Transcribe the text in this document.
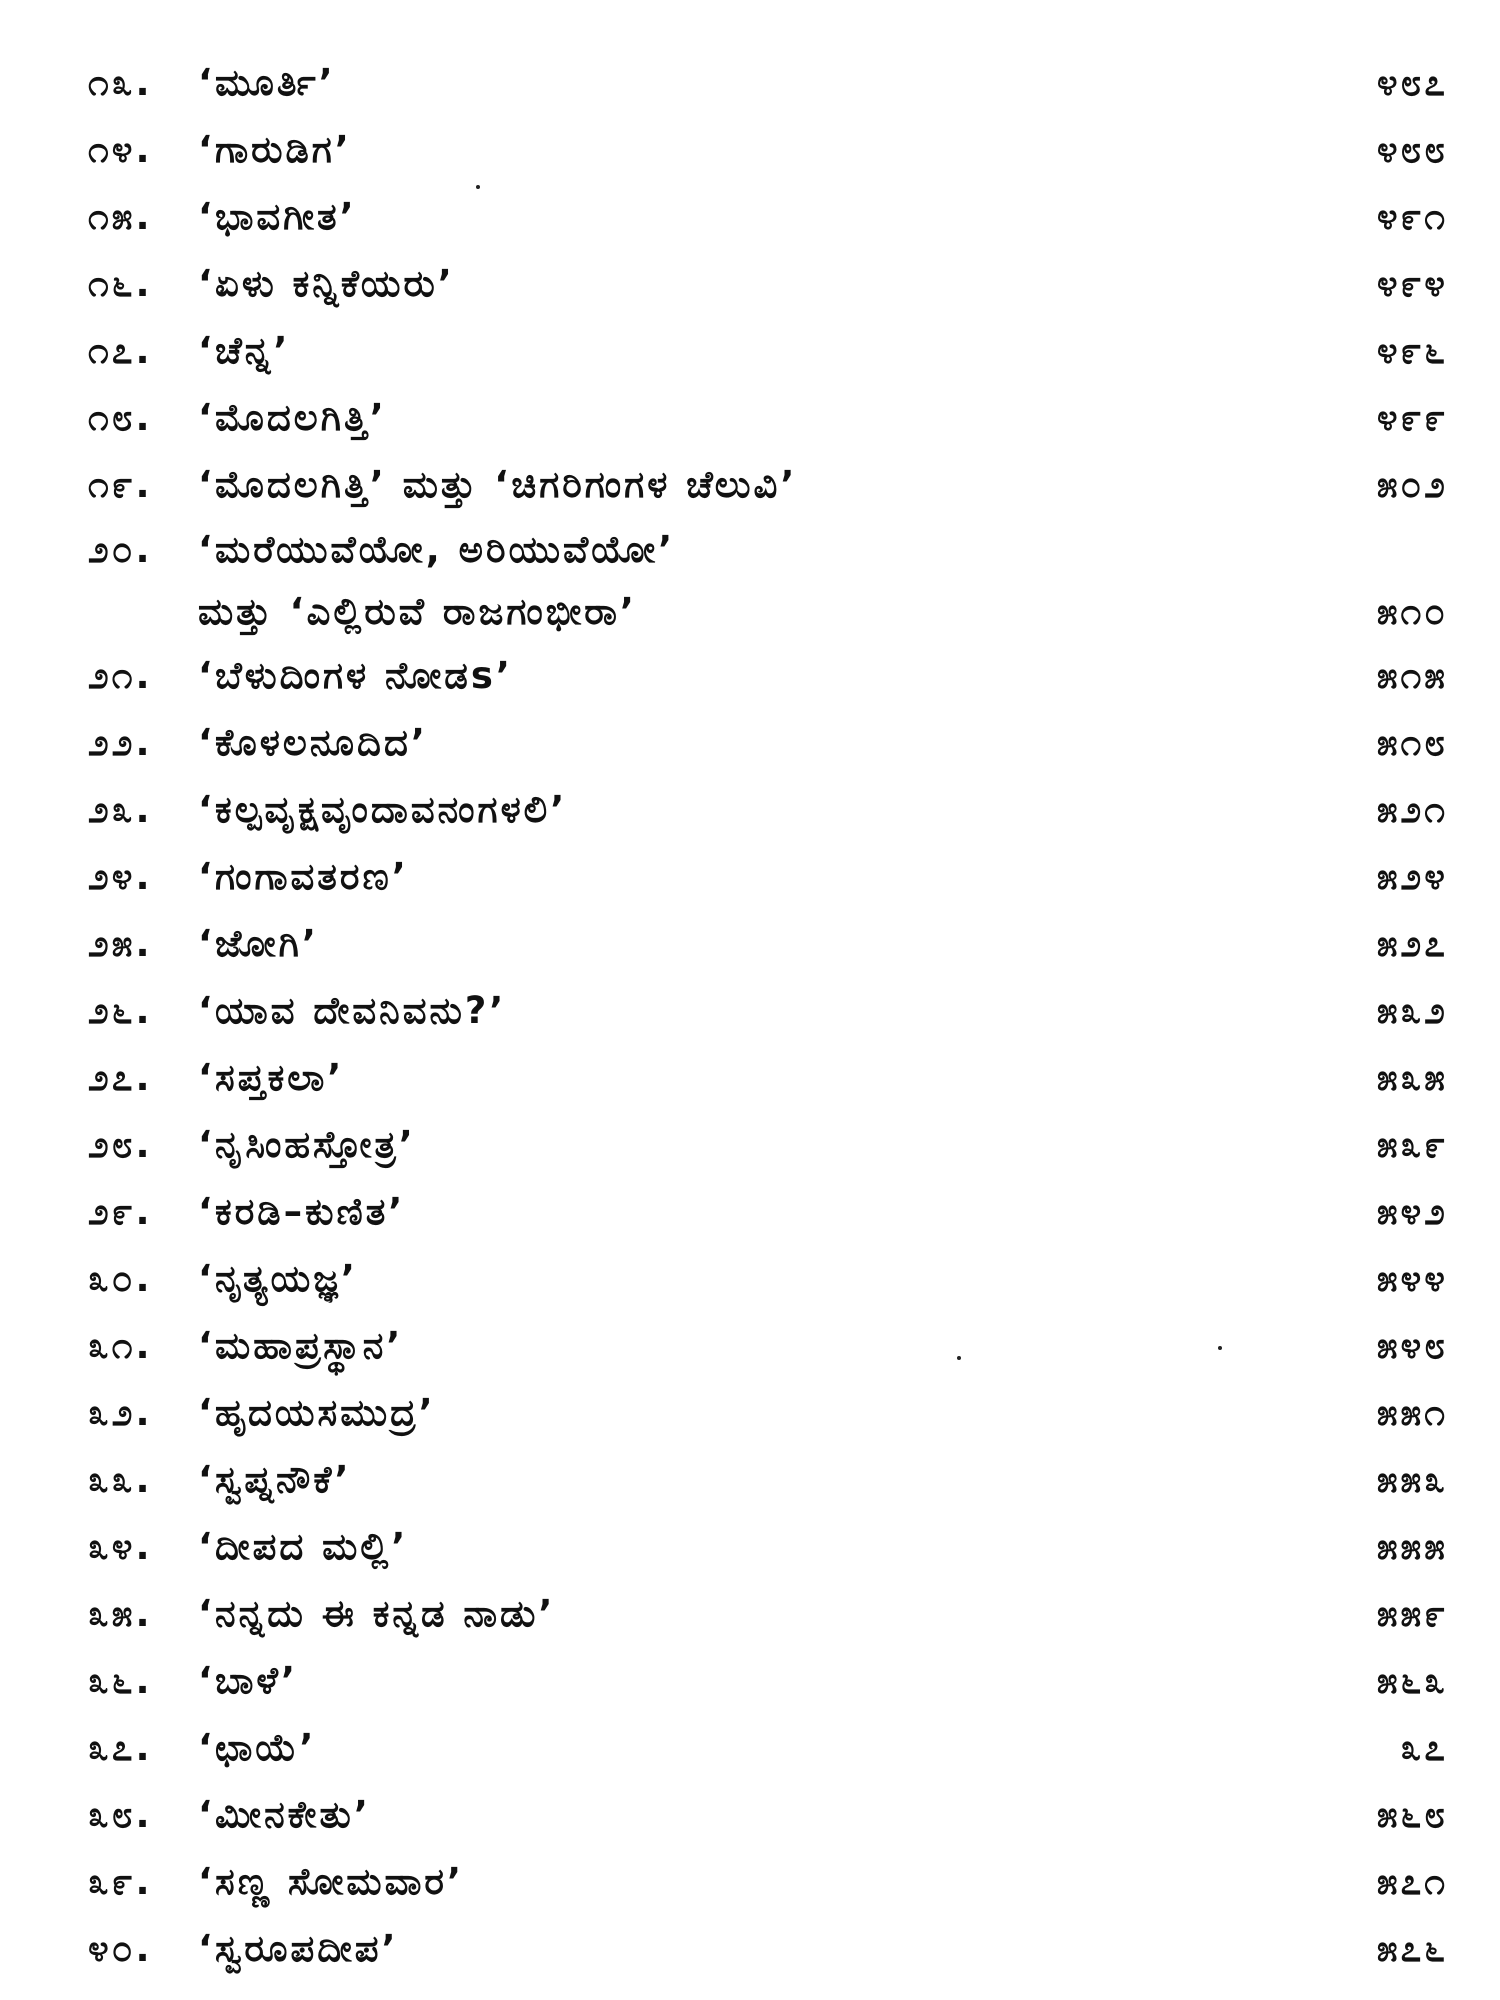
೧೩.	‘ಮೂರ್ತಿ’	೪೮೭
೧೪.	‘ಗಾರುಡಿಗ’	೪೮೮
೧೫.	‘ಭಾವಗೀತ’	೪೯೧
೧೬.	‘ಏಳು ಕನ್ನಿಕೆಯರು’	೪೯೪
೧೭.	‘ಚೆನ್ನ’	೪೯೬
೧೮.	‘ಮೊದಲಗಿತ್ತಿ’	೪೯೯
೧೯.	‘ಮೊದಲಗಿತ್ತಿ’ ಮತ್ತು ‘ಚಿಗರಿಗಂಗಳ ಚೆಲುವಿ’	೫೦೨
೨೦.	‘ಮರೆಯುವೆಯೋ, ಅರಿಯುವೆಯೋ’
ಮತ್ತು ‘ಎಲ್ಲಿರುವೆ ರಾಜಗಂಭೀರಾ’	೫೧೦
೨೧.	‘ಬೆಳುದಿಂಗಳ ನೋಡs’	೫೧೫
೨೨.	‘ಕೊಳಲನೂದಿದ’	೫೧೮
೨೩.	‘ಕಲ್ಪವೃಕ್ಷವೃಂದಾವನಂಗಳಲಿ’	೫೨೧
೨೪.	‘ಗಂಗಾವತರಣ’	೫೨೪
೨೫.	‘ಜೋಗಿ’	೫೨೭
೨೬.	‘ಯಾವ ದೇವನಿವನು?’	೫೩೨
೨೭.	‘ಸಪ್ತಕಲಾ’	೫೩೫
೨೮.	‘ನೃಸಿಂಹಸ್ತೋತ್ರ’	೫೩೯
೨೯.	‘ಕರಡಿ–ಕುಣಿತ’	೫೪೨
೩೦.	‘ನೃತ್ಯಯಜ್ಞ’	೫೪೪
೩೧.	‘ಮಹಾಪ್ರಸ್ಥಾನ’	೫೪೮
೩೨.	‘ಹೃದಯಸಮುದ್ರ’	೫೫೧
೩೩.	‘ಸ್ವಪ್ನನೌಕೆ’	೫೫೩
೩೪.	‘ದೀಪದ ಮಲ್ಲಿ’	೫೫೫
೩೫.	‘ನನ್ನದು ಈ ಕನ್ನಡ ನಾಡು’	೫೫೯
೩೬.	‘ಬಾಳೆ’	೫೬೩
೩೭.	‘ಛಾಯೆ’	೩೭
೩೮.	‘ಮೀನಕೇತು’	೫೬೮
೩೯.	‘ಸಣ್ಣ ಸೋಮವಾರ’	೫೭೧
೪೦.	‘ಸ್ವರೂಪದೀಪ’	೫೭೬
